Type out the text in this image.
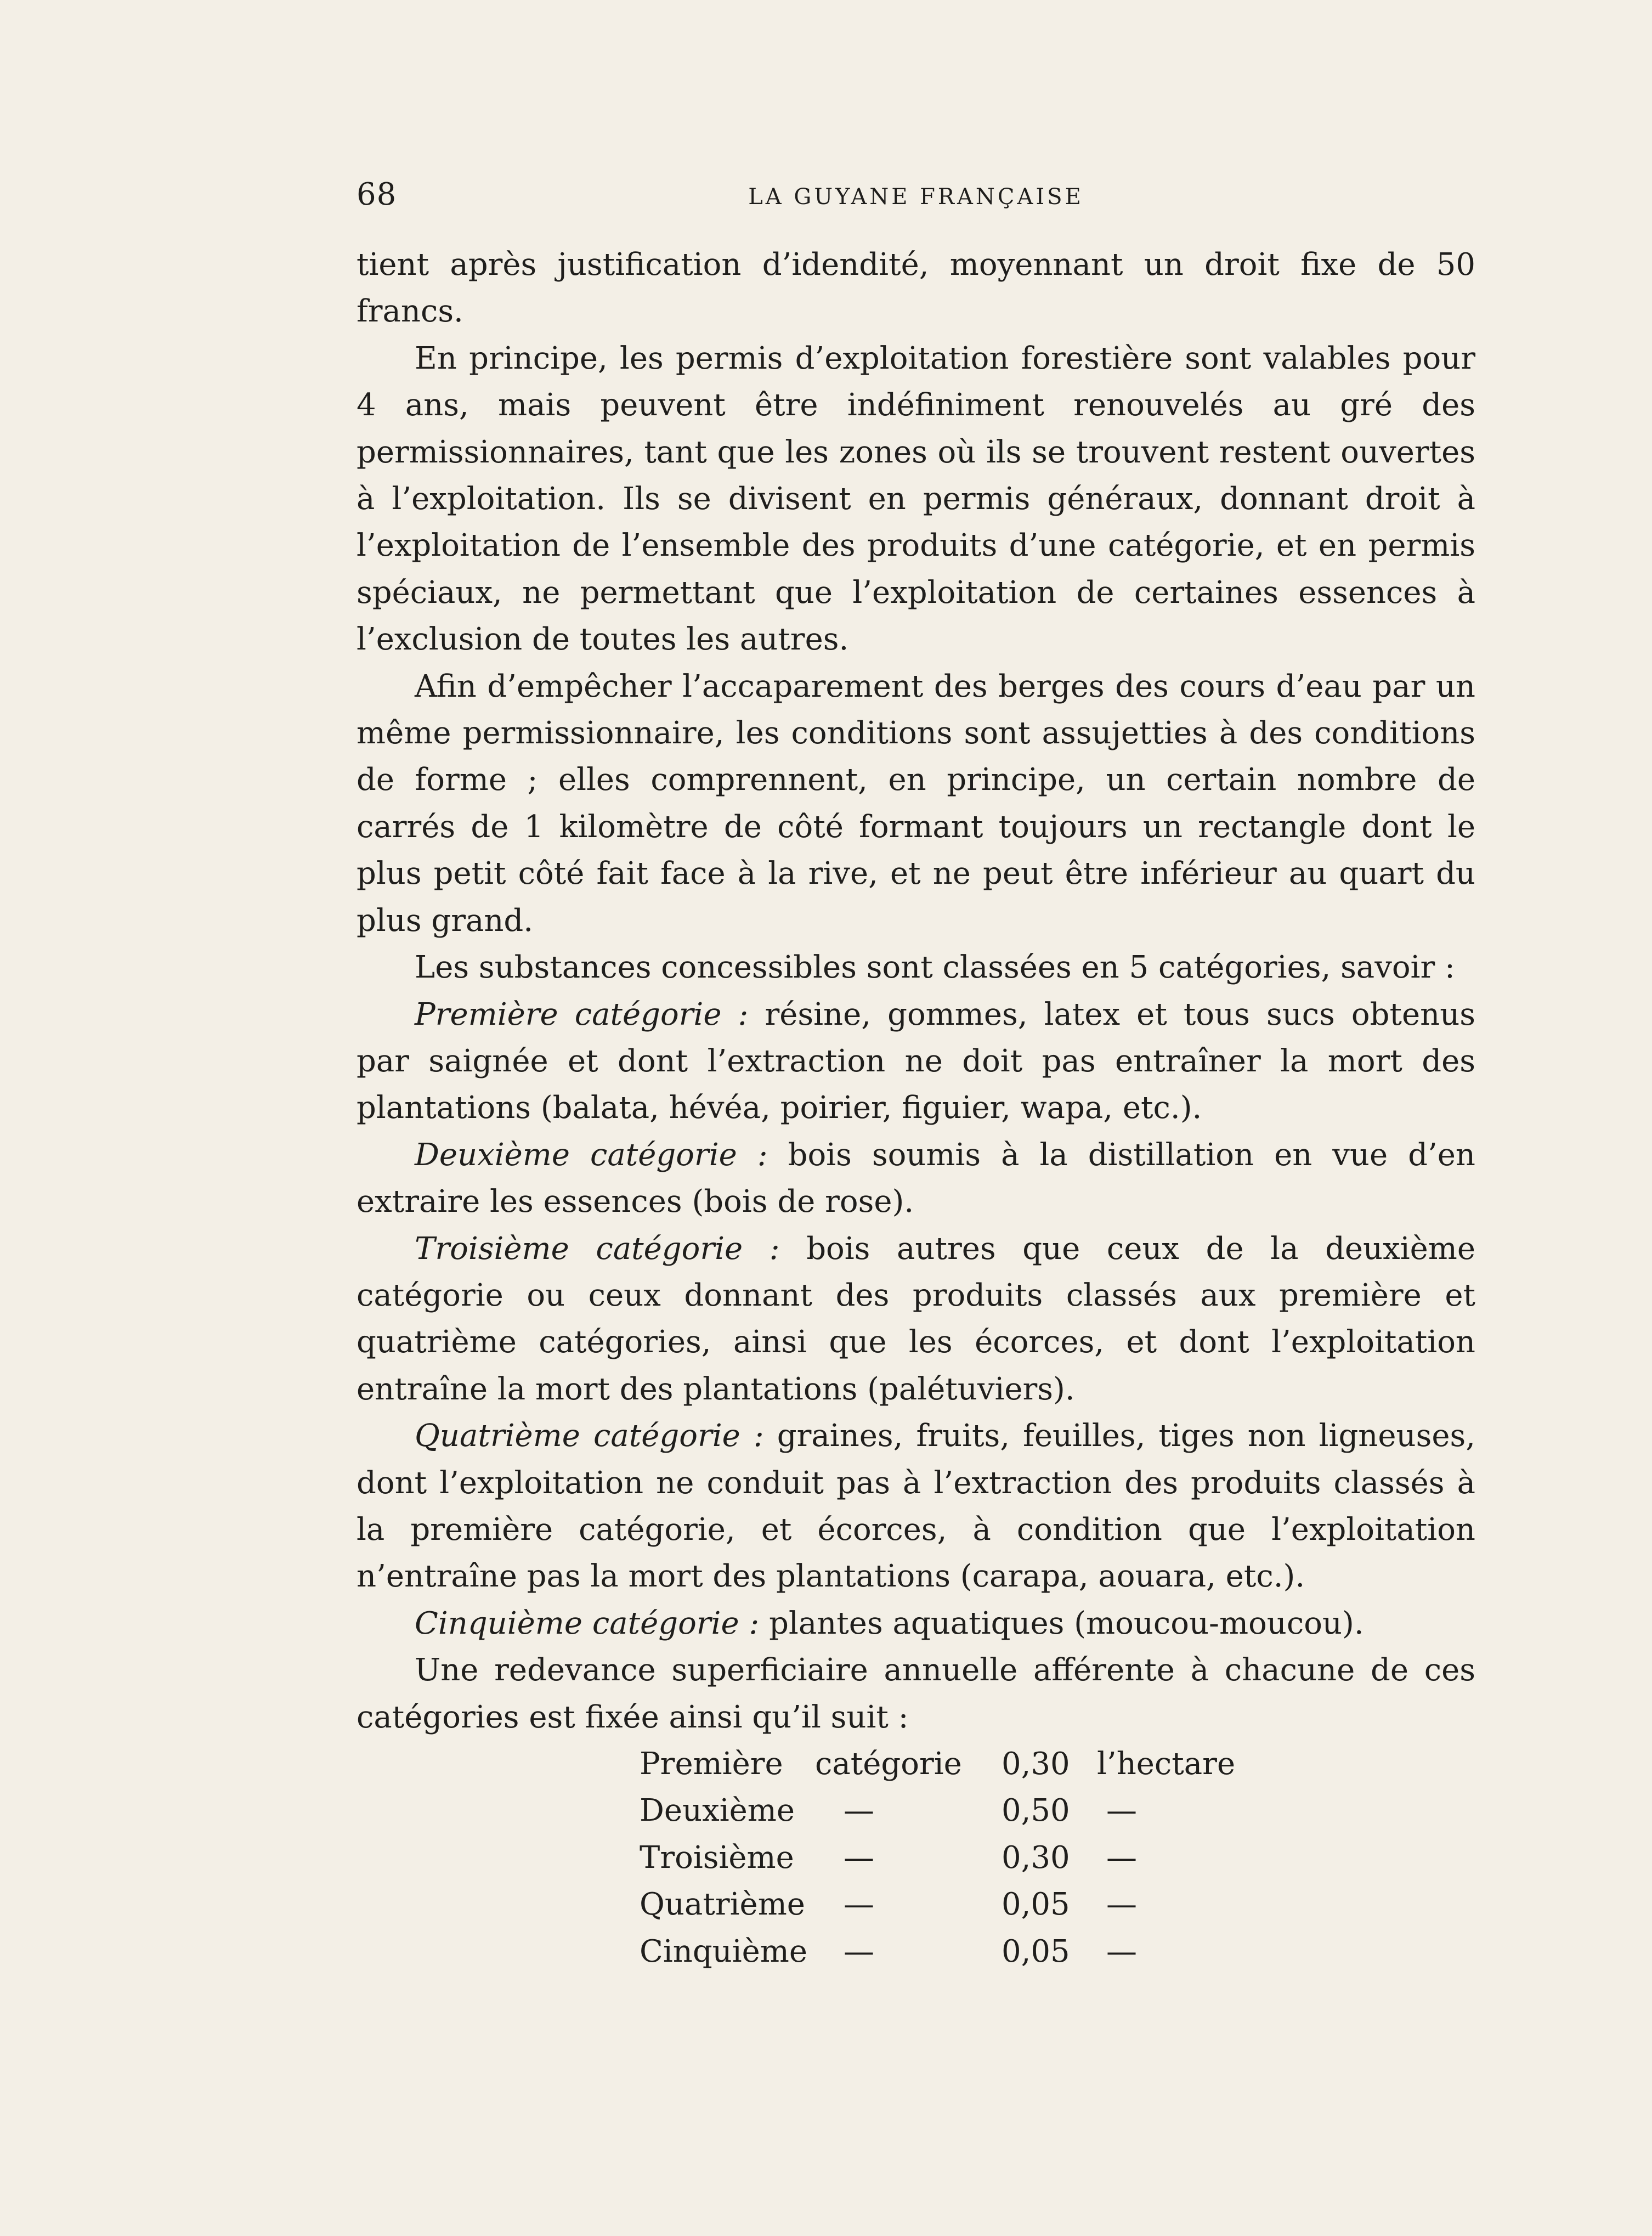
68	LA GUYANE FRANÇAISE

tient après justification d’idendité, moyennant un droit fixe de 50 francs.

En principe, les permis d’exploitation forestière sont valables pour 4 ans, mais peuvent être indéfiniment renouvelés au gré des permissionnaires, tant que les zones où ils se trouvent restent ouvertes à l’exploitation. Ils se divisent en permis généraux, donnant droit à l’exploitation de l’ensemble des produits d’une catégorie, et en permis spéciaux, ne permettant que l’exploitation de certaines essences à l’exclusion de toutes les autres.

Afin d’empêcher l’accaparement des berges des cours d’eau par un même permissionnaire, les conditions sont assujetties à des conditions de forme ; elles comprennent, en principe, un certain nombre de carrés de 1 kilomètre de côté formant toujours un rectangle dont le plus petit côté fait face à la rive, et ne peut être inférieur au quart du plus grand.

Les substances concessibles sont classées en 5 catégories, savoir :

Première catégorie : résine, gommes, latex et tous sucs obtenus par saignée et dont l’extraction ne doit pas entraîner la mort des plantations (balata, hévéa, poirier, figuier, wapa, etc.).

Deuxième catégorie : bois soumis à la distillation en vue d’en extraire les essences (bois de rose).

Troisième catégorie : bois autres que ceux de la deuxième catégorie ou ceux donnant des produits classés aux première et quatrième catégories, ainsi que les écorces, et dont l’exploitation entraîne la mort des plantations (palétuviers).

Quatrième catégorie : graines, fruits, feuilles, tiges non ligneuses, dont l’exploitation ne conduit pas à l’extraction des produits classés à la première catégorie, et écorces, à condition que l’exploitation n’entraîne pas la mort des plantations (carapa, aouara, etc.).

Cinquième catégorie : plantes aquatiques (moucou-moucou).

Une redevance superficiaire annuelle afférente à chacune de ces catégories est fixée ainsi qu’il suit :

Première	catégorie	0,30	l’hectare
Deuxième	—	0,50	—
Troisième	—	0,30	—
Quatrième	—	0,05	—
Cinquième	—	0,05	—
